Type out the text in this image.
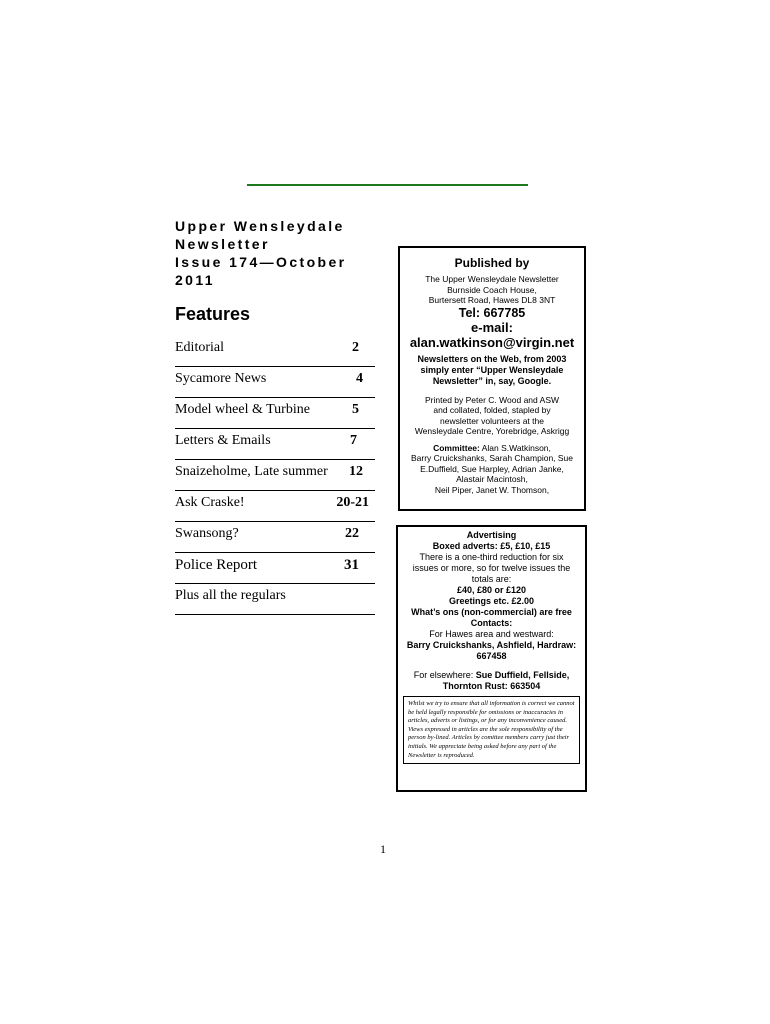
Upper Wensleydale
Newsletter
Issue 174—October
2011
Features
Editorial	2
Sycamore News	4
Model wheel & Turbine	5
Letters & Emails	7
Snaizeholme, Late summer 12
Ask Craske!	20-21
Swansong?	22
Police Report	31
Plus all the regulars
Published by
The Upper Wensleydale Newsletter
Burnside Coach House,
Burtersett Road, Hawes DL8 3NT
Tel: 667785
e-mail:
alan.watkinson@virgin.net
Newsletters on the Web, from 2003
simply enter “Upper Wensleydale
Newsletter” in, say, Google.
Printed by Peter C. Wood and ASW
and collated, folded, stapled by
newsletter volunteers at the
Wensleydale Centre, Yorebridge, Askrigg
Committee: Alan S.Watkinson,
Barry Cruickshanks, Sarah Champion, Sue
E.Duffield, Sue Harpley, Adrian Janke,
Alastair Macintosh,
Neil Piper, Janet W. Thomson,
Advertising
Boxed adverts: £5, £10, £15
There is a one-third reduction for six
issues or more, so for twelve issues the
totals are:
£40, £80 or £120
Greetings etc. £2.00
What’s ons (non-commercial) are free
Contacts:
For Hawes area and westward:
Barry Cruickshanks, Ashfield, Hardraw:
667458
For elsewhere: Sue Duffield, Fellside,
Thornton Rust: 663504
Whilst we try to ensure that all information is correct we cannot be held legally responsible for omissions or inaccuracies in articles, adverts or listings, or for any inconvenience caused. Views expressed in articles are the sole responsibility of the person by-lined. Articles by comittee members carry just their initials. We appreciate being asked before any part of the Newsletter is reproduced.
1
